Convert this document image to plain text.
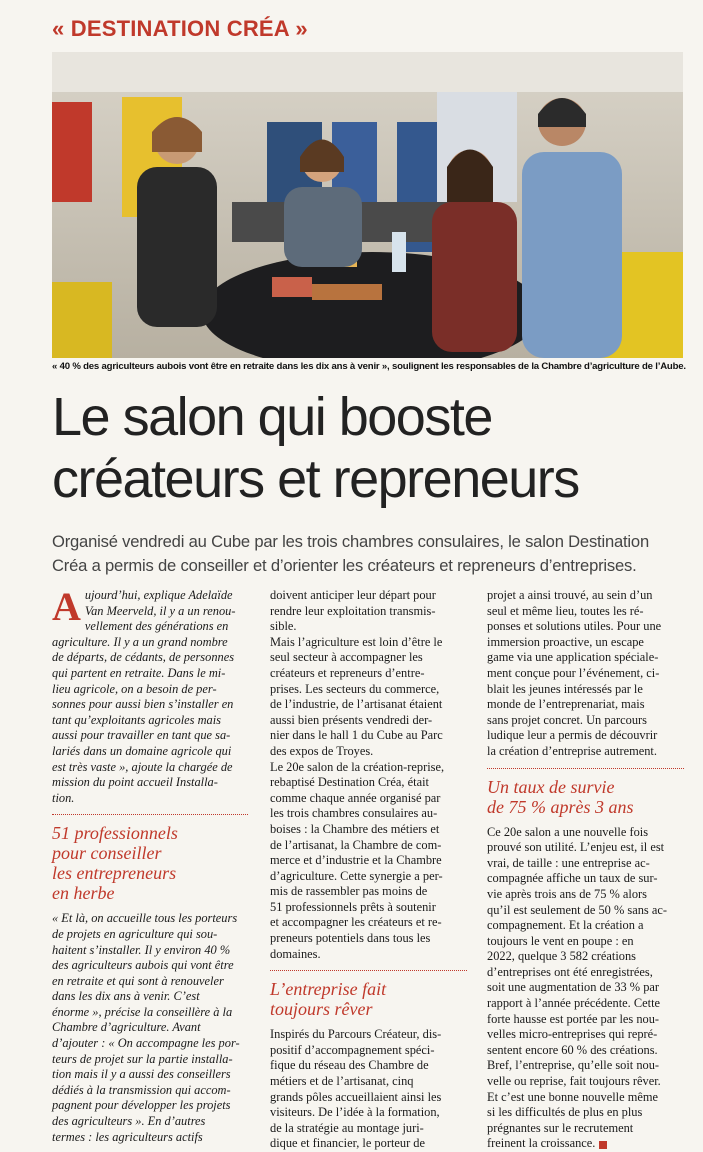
« DESTINATION CRÉA »
« 40 % des agriculteurs aubois vont être en retraite dans les dix ans à venir », soulignent les responsables de la Chambre d’agriculture de l’Aube.
Le salon qui booste
créateurs et repreneurs
Organisé vendredi au Cube par les trois chambres consulaires, le salon Destination
Créa a permis de conseiller et d’orienter les créateurs et repreneurs d’entreprises.
A ujourd’hui, explique Adelaïde
Van Meerveld, il y a un renou-
vellement des générations en
agriculture. Il y a un grand nombre
de départs, de cédants, de personnes
qui partent en retraite. Dans le mi-
lieu agricole, on a besoin de per-
sonnes pour aussi bien s’installer en
tant qu’exploitants agricoles mais
aussi pour travailler en tant que sa-
lariés dans un domaine agricole qui
est très vaste », ajoute la chargée de
mission du point accueil Installa-
tion.
51 professionnels
pour conseiller
les entrepreneurs
en herbe
« Et là, on accueille tous les porteurs
de projets en agriculture qui sou-
haitent s’installer. Il y environ 40 %
des agriculteurs aubois qui vont être
en retraite et qui sont à renouveler
dans les dix ans à venir. C’est
énorme », précise la conseillère à la
Chambre d’agriculture. Avant
d’ajouter : « On accompagne les por-
teurs de projet sur la partie installa-
tion mais il y a aussi des conseillers
dédiés à la transmission qui accom-
pagnent pour développer les projets
des agriculteurs ». En d’autres
termes : les agriculteurs actifs
doivent anticiper leur départ pour
rendre leur exploitation transmis-
sible.
Mais l’agriculture est loin d’être le
seul secteur à accompagner les
créateurs et repreneurs d’entre-
prises. Les secteurs du commerce,
de l’industrie, de l’artisanat étaient
aussi bien présents vendredi der-
nier dans le hall 1 du Cube au Parc
des expos de Troyes.
Le 20e salon de la création-reprise,
rebaptisé Destination Créa, était
comme chaque année organisé par
les trois chambres consulaires au-
boises : la Chambre des métiers et
de l’artisanat, la Chambre de com-
merce et d’industrie et la Chambre
d’agriculture. Cette synergie a per-
mis de rassembler pas moins de
51 professionnels prêts à soutenir
et accompagner les créateurs et re-
preneurs potentiels dans tous les
domaines.
L’entreprise fait
toujours rêver
Inspirés du Parcours Créateur, dis-
positif d’accompagnement spéci-
fique du réseau des Chambre de
métiers et de l’artisanat, cinq
grands pôles accueillaient ainsi les
visiteurs. De l’idée à la formation,
de la stratégie au montage juri-
dique et financier, le porteur de
projet a ainsi trouvé, au sein d’un
seul et même lieu, toutes les ré-
ponses et solutions utiles. Pour une
immersion proactive, un escape
game via une application spéciale-
ment conçue pour l’événement, ci-
blait les jeunes intéressés par le
monde de l’entreprenariat, mais
sans projet concret. Un parcours
ludique leur a permis de découvrir
la création d’entreprise autrement.
Un taux de survie
de 75 % après 3 ans
Ce 20e salon a une nouvelle fois
prouvé son utilité. L’enjeu est, il est
vrai, de taille : une entreprise ac-
compagnée affiche un taux de sur-
vie après trois ans de 75 % alors
qu’il est seulement de 50 % sans ac-
compagnement. Et la création a
toujours le vent en poupe : en
2022, quelque 3 582 créations
d’entreprises ont été enregistrées,
soit une augmentation de 33 % par
rapport à l’année précédente. Cette
forte hausse est portée par les nou-
velles micro-entreprises qui repré-
sentent encore 60 % des créations.
Bref, l’entreprise, qu’elle soit nou-
velle ou reprise, fait toujours rêver.
Et c’est une bonne nouvelle même
si les difficultés de plus en plus
prégnantes sur le recrutement
freinent la croissance.
